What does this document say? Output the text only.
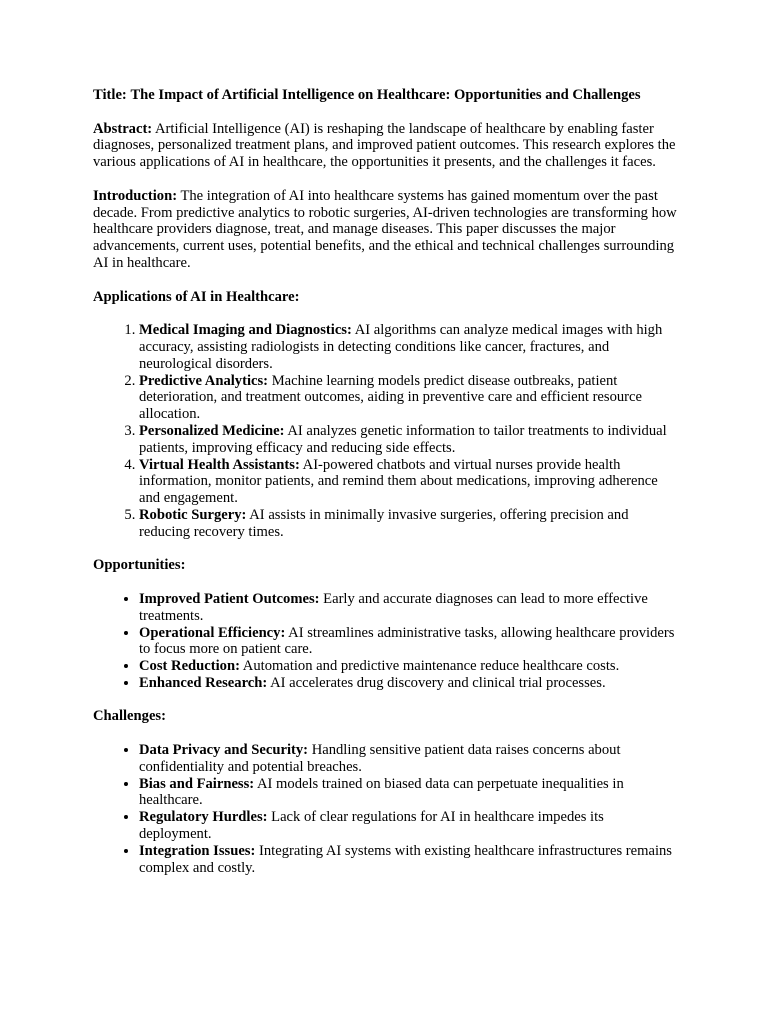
Title: The Impact of Artificial Intelligence on Healthcare: Opportunities and Challenges

Abstract: Artificial Intelligence (AI) is reshaping the landscape of healthcare by enabling faster diagnoses, personalized treatment plans, and improved patient outcomes. This research explores the various applications of AI in healthcare, the opportunities it presents, and the challenges it faces.

Introduction: The integration of AI into healthcare systems has gained momentum over the past decade. From predictive analytics to robotic surgeries, AI-driven technologies are transforming how healthcare providers diagnose, treat, and manage diseases. This paper discusses the major advancements, current uses, potential benefits, and the ethical and technical challenges surrounding AI in healthcare.

Applications of AI in Healthcare:
1. Medical Imaging and Diagnostics: AI algorithms can analyze medical images with high accuracy, assisting radiologists in detecting conditions like cancer, fractures, and neurological disorders.
2. Predictive Analytics: Machine learning models predict disease outbreaks, patient deterioration, and treatment outcomes, aiding in preventive care and efficient resource allocation.
3. Personalized Medicine: AI analyzes genetic information to tailor treatments to individual patients, improving efficacy and reducing side effects.
4. Virtual Health Assistants: AI-powered chatbots and virtual nurses provide health information, monitor patients, and remind them about medications, improving adherence and engagement.
5. Robotic Surgery: AI assists in minimally invasive surgeries, offering precision and reducing recovery times.
Opportunities:
• Improved Patient Outcomes: Early and accurate diagnoses can lead to more effective treatments.
• Operational Efficiency: AI streamlines administrative tasks, allowing healthcare providers to focus more on patient care.
• Cost Reduction: Automation and predictive maintenance reduce healthcare costs.
• Enhanced Research: AI accelerates drug discovery and clinical trial processes.
Challenges:
• Data Privacy and Security: Handling sensitive patient data raises concerns about confidentiality and potential breaches.
• Bias and Fairness: AI models trained on biased data can perpetuate inequalities in healthcare.
• Regulatory Hurdles: Lack of clear regulations for AI in healthcare impedes its deployment.
• Integration Issues: Integrating AI systems with existing healthcare infrastructures remains complex and costly.
